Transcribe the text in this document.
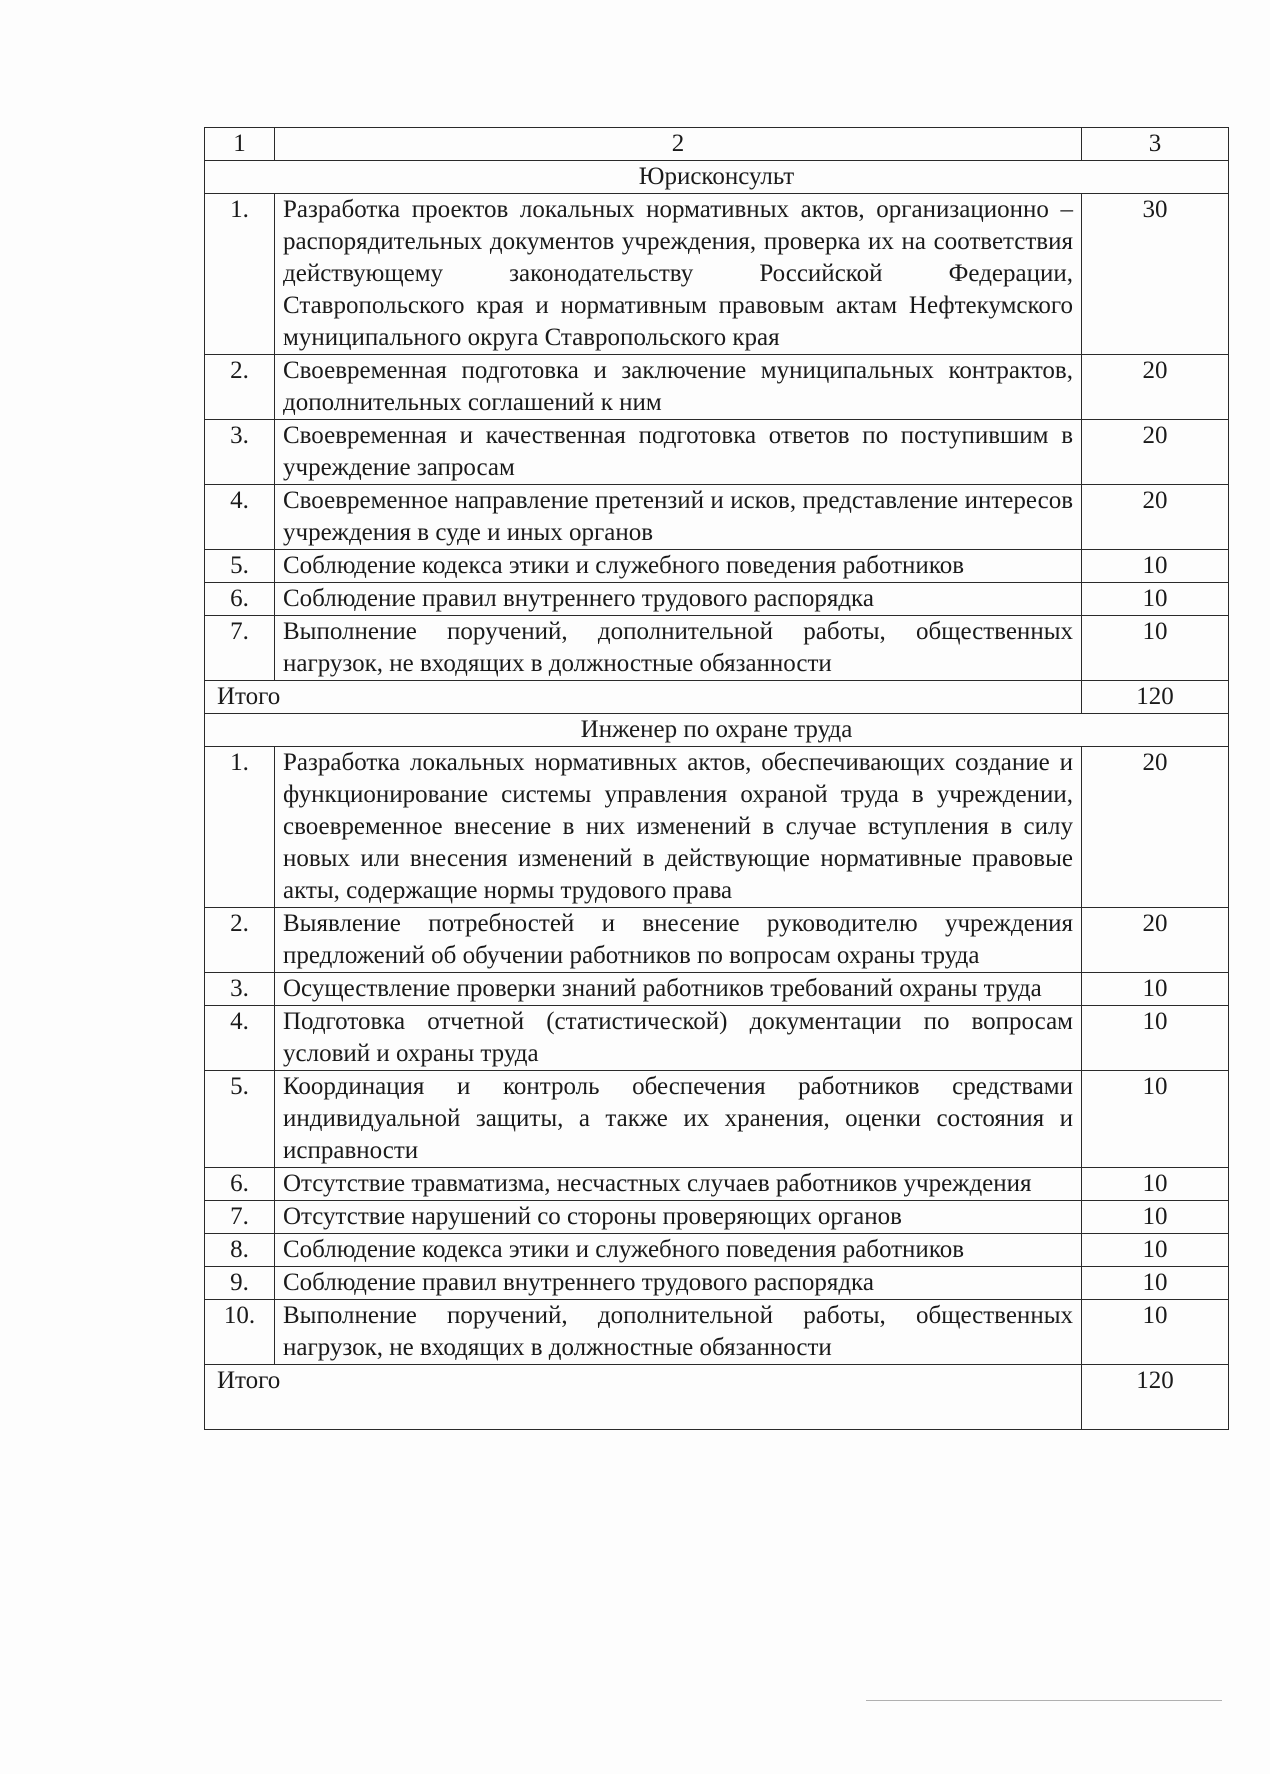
1	2	3
Юрисконсульт		
1.	Разработка проектов локальных нормативных актов, организационно – распорядительных документов учреждения, проверка их на соответствия действующему законодательству Российской Федерации, Ставропольского края и нормативным правовым актам Нефтекумского муниципального округа Ставропольского края	30
2.	Своевременная подготовка и заключение муниципальных контрактов, дополнительных соглашений к ним	20
3.	Своевременная и качественная подготовка ответов по поступившим в учреждение запросам	20
4.	Своевременное направление претензий и исков, представление интересов учреждения в суде и иных органов	20
5.	Соблюдение кодекса этики и служебного поведения работников	10
6.	Соблюдение правил внутреннего трудового распорядка	10
7.	Выполнение поручений, дополнительной работы, общественных нагрузок, не входящих в должностные обязанности	10
Итого		120
Инженер по охране труда		
1.	Разработка локальных нормативных актов, обеспечивающих создание и функционирование системы управления охраной труда в учреждении, своевременное внесение в них изменений в случае вступления в силу новых или внесения изменений в действующие нормативные правовые акты, содержащие нормы трудового права	20
2.	Выявление потребностей и внесение руководителю учреждения предложений об обучении работников по вопросам охраны труда	20
3.	Осуществление проверки знаний работников требований охраны труда	10
4.	Подготовка отчетной (статистической) документации по вопросам условий и охраны труда	10
5.	Координация и контроль обеспечения работников средствами индивидуальной защиты, а также их хранения, оценки состояния и исправности	10
6.	Отсутствие травматизма, несчастных случаев работников учреждения	10
7.	Отсутствие нарушений со стороны проверяющих органов	10
8.	Соблюдение кодекса этики и служебного поведения работников	10
9.	Соблюдение правил внутреннего трудового распорядка	10
10.	Выполнение поручений, дополнительной работы, общественных нагрузок, не входящих в должностные обязанности	10
Итого		120
